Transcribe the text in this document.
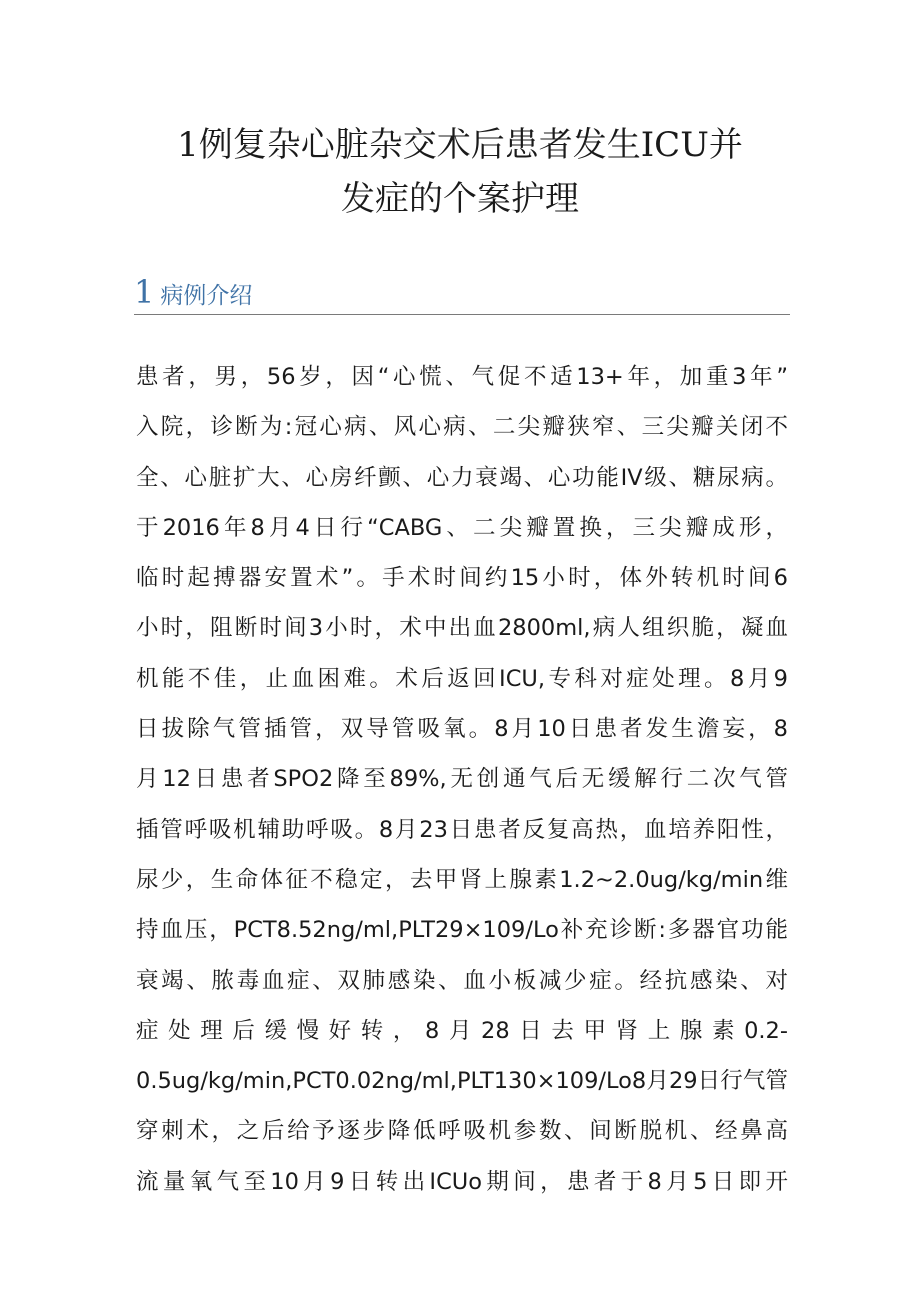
1例复杂心脏杂交术后患者发生ICU并
发症的个案护理
1 病例介绍
患者，男，56岁，因“心慌、气促不适13+年，加重3年”
入院，诊断为:冠心病、风心病、二尖瓣狭窄、三尖瓣关闭不
全、心脏扩大、心房纤颤、心力衰竭、心功能IV级、糖尿病。
于2016年8月4日行“CABG、二尖瓣置换，三尖瓣成形，
临时起搏器安置术”。手术时间约15小时，体外转机时间6
小时，阻断时间3小时，术中出血2800ml,病人组织脆，凝血
机能不佳，止血困难。术后返回ICU,专科对症处理。8月9
日拔除气管插管，双导管吸氧。8月10日患者发生澹妄，8
月12日患者SPO2降至89%,无创通气后无缓解行二次气管
插管呼吸机辅助呼吸。8月23日患者反复高热，血培养阳性，
尿少，生命体征不稳定，去甲肾上腺素1.2~2.0ug∕kg∕min维
持血压，PCT8.52ng∕ml,PLT29×109∕Lo补充诊断:多器官功能
衰竭、脓毒血症、双肺感染、血小板减少症。经抗感染、对
症处理后缓慢好转，8月28日去甲肾上腺素0.2-
0.5ug∕kg∕min,PCT0.02ng∕ml,PLT130×109∕Lo8月29日行气管
穿刺术，之后给予逐步降低呼吸机参数、间断脱机、经鼻高
流量氧气至10月9日转出ICUo期间，患者于8月5日即开
